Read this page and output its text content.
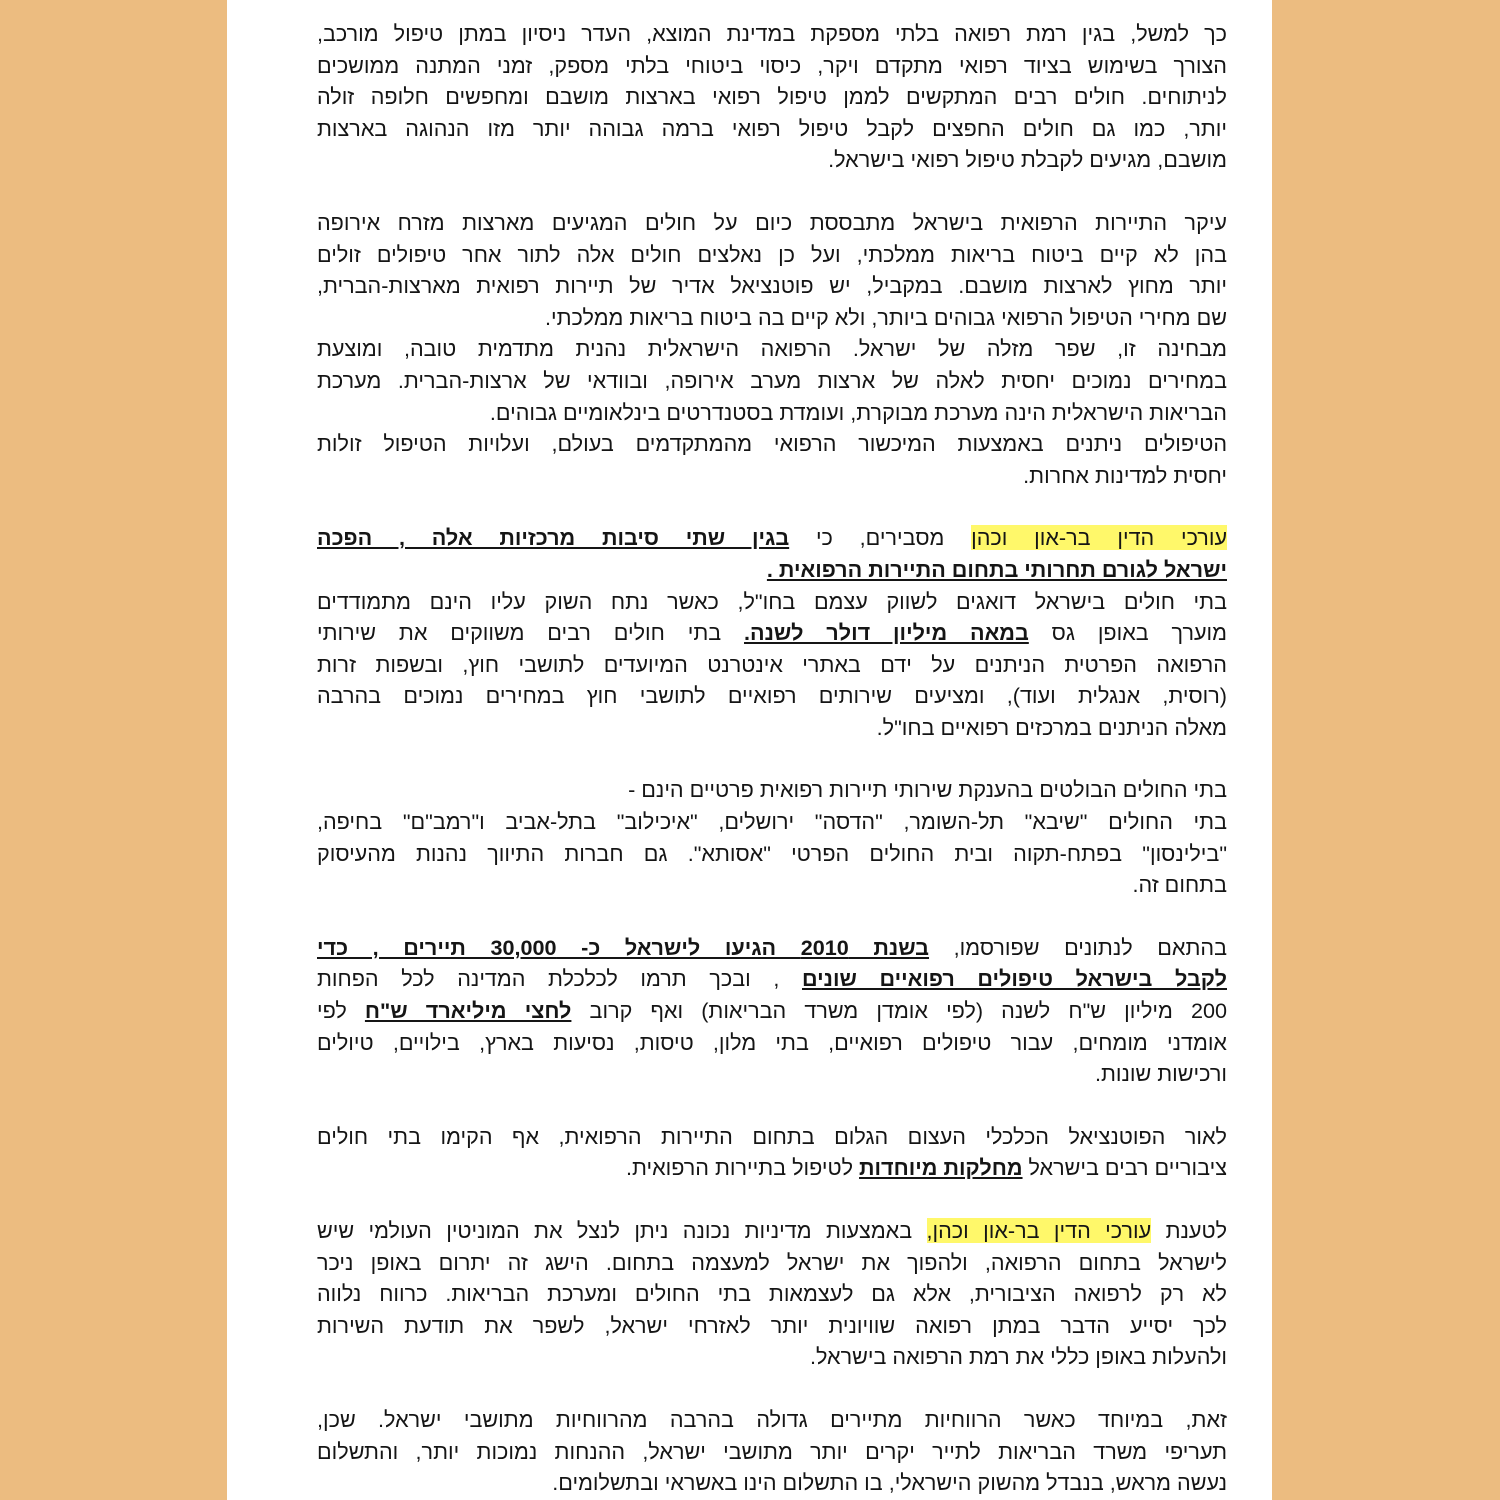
כך למשל, בגין רמת רפואה בלתי מספקת במדינת המוצא, העדר ניסיון במתן טיפול מורכב,
הצורך בשימוש בציוד רפואי מתקדם ויקר, כיסוי ביטוחי בלתי מספק, זמני המתנה ממושכים
לניתוחים. חולים רבים המתקשים לממן טיפול רפואי בארצות מושבם ומחפשים חלופה זולה
יותר, כמו גם חולים החפצים לקבל טיפול רפואי ברמה גבוהה יותר מזו הנהוגה בארצות
מושבם, מגיעים לקבלת טיפול רפואי בישראל.
עיקר התיירות הרפואית בישראל מתבססת כיום על חולים המגיעים מארצות מזרח אירופה
בהן לא קיים ביטוח בריאות ממלכתי, ועל כן נאלצים חולים אלה לתור אחר טיפולים זולים
יותר מחוץ לארצות מושבם. במקביל, יש פוטנציאל אדיר של תיירות רפואית מארצות-הברית,
שם מחירי הטיפול הרפואי גבוהים ביותר, ולא קיים בה ביטוח בריאות ממלכתי.
מבחינה זו, שפר מזלה של ישראל. הרפואה הישראלית נהנית מתדמית טובה, ומוצעת
במחירים נמוכים יחסית לאלה של ארצות מערב אירופה, ובוודאי של ארצות-הברית. מערכת
הבריאות הישראלית הינה מערכת מבוקרת, ועומדת בסטנדרטים בינלאומיים גבוהים.
הטיפולים ניתנים באמצעות המיכשור הרפואי מהמתקדמים בעולם, ועלויות הטיפול זולות
יחסית למדינות אחרות.
עורכי הדין בר-און וכהן מסבירים, כי בגין שתי סיבות מרכזיות אלה , הפכה
ישראל לגורם תחרותי בתחום התיירות הרפואית .
בתי חולים בישראל דואגים לשווק עצמם בחו"ל, כאשר נתח השוק עליו הינם מתמודדים
מוערך באופן גס במאה מיליון דולר לשנה. בתי חולים רבים משווקים את שירותי
הרפואה הפרטית הניתנים על ידם באתרי אינטרנט המיועדים לתושבי חוץ, ובשפות זרות
(רוסית, אנגלית ועוד), ומציעים שירותים רפואיים לתושבי חוץ במחירים נמוכים בהרבה
מאלה הניתנים במרכזים רפואיים בחו"ל.
בתי החולים הבולטים בהענקת שירותי תיירות רפואית פרטיים הינם -
בתי החולים "שיבא" תל-השומר, "הדסה" ירושלים, "איכילוב" בתל-אביב ו"רמב"ם" בחיפה,
"בילינסון" בפתח-תקוה ובית החולים הפרטי "אסותא". גם חברות התיווך נהנות מהעיסוק
בתחום זה.
בהתאם לנתונים שפורסמו, בשנת 2010 הגיעו לישראל כ- 30,000 תיירים , כדי
לקבל בישראל טיפולים רפואיים שונים , ובכך תרמו לכלכלת המדינה לכל הפחות
200 מיליון ש"ח לשנה (לפי אומדן משרד הבריאות) ואף קרוב לחצי מיליארד ש"ח לפי
אומדני מומחים, עבור טיפולים רפואיים, בתי מלון, טיסות, נסיעות בארץ, בילויים, טיולים
ורכישות שונות.
לאור הפוטנציאל הכלכלי העצום הגלום בתחום התיירות הרפואית, אף הקימו בתי חולים
ציבוריים רבים בישראל מחלקות מיוחדות לטיפול בתיירות הרפואית.
לטענת עורכי הדין בר-און וכהן, באמצעות מדיניות נכונה ניתן לנצל את המוניטין העולמי שיש
לישראל בתחום הרפואה, ולהפוך את ישראל למעצמה בתחום. הישג זה יתרום באופן ניכר
לא רק לרפואה הציבורית, אלא גם לעצמאות בתי החולים ומערכת הבריאות. כרווח נלווה
לכך יסייע הדבר במתן רפואה שוויונית יותר לאזרחי ישראל, לשפר את תודעת השירות
ולהעלות באופן כללי את רמת הרפואה בישראל.
זאת, במיוחד כאשר הרווחיות מתיירים גדולה בהרבה מהרווחיות מתושבי ישראל. שכן,
תעריפי משרד הבריאות לתייר יקרים יותר מתושבי ישראל, ההנחות נמוכות יותר, והתשלום
נעשה מראש, בנבדל מהשוק הישראלי, בו התשלום הינו באשראי ובתשלומים.
